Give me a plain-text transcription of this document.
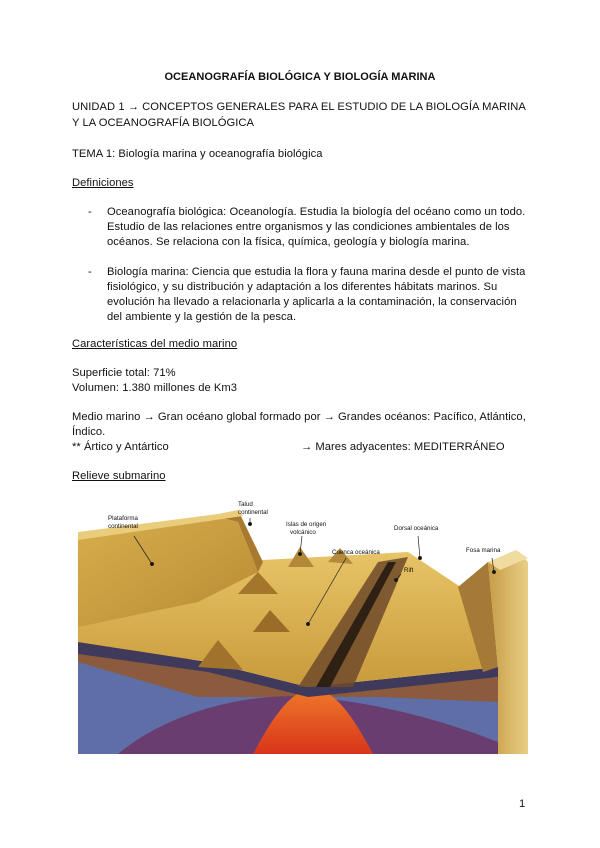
OCEANOGRAFÍA BIOLÓGICA Y BIOLOGÍA MARINA
UNIDAD 1 → CONCEPTOS GENERALES PARA EL ESTUDIO DE LA BIOLOGÍA MARINA
Y LA OCEANOGRAFÍA BIOLÓGICA
TEMA 1: Biología marina y oceanografía biológica
Definiciones
- Oceanografía biológica: Oceanología. Estudia la biología del océano como un todo.
Estudio de las relaciones entre organismos y las condiciones ambientales de los
océanos. Se relaciona con la física, química, geología y biología marina.
- Biología marina: Ciencia que estudia la flora y fauna marina desde el punto de vista
fisiológico, y su distribución y adaptación a los diferentes hábitats marinos. Su
evolución ha llevado a relacionarla y aplicarla a la contaminación, la conservación
del ambiente y la gestión de la pesca.
Características del medio marino
Superficie total: 71%
Volumen: 1.380 millones de Km3
Medio marino → Gran océano global formado por → Grandes océanos: Pacífico, Atlántico,
Índico.
** Ártico y Antártico	→ Mares adyacentes: MEDITERRÁNEO
Relieve submarino
Plataforma
continental
Talud
continental
Islas de origen
volcánico
Dorsal oceánica
Cuenca oceánica
Rift
Fosa marina
1
